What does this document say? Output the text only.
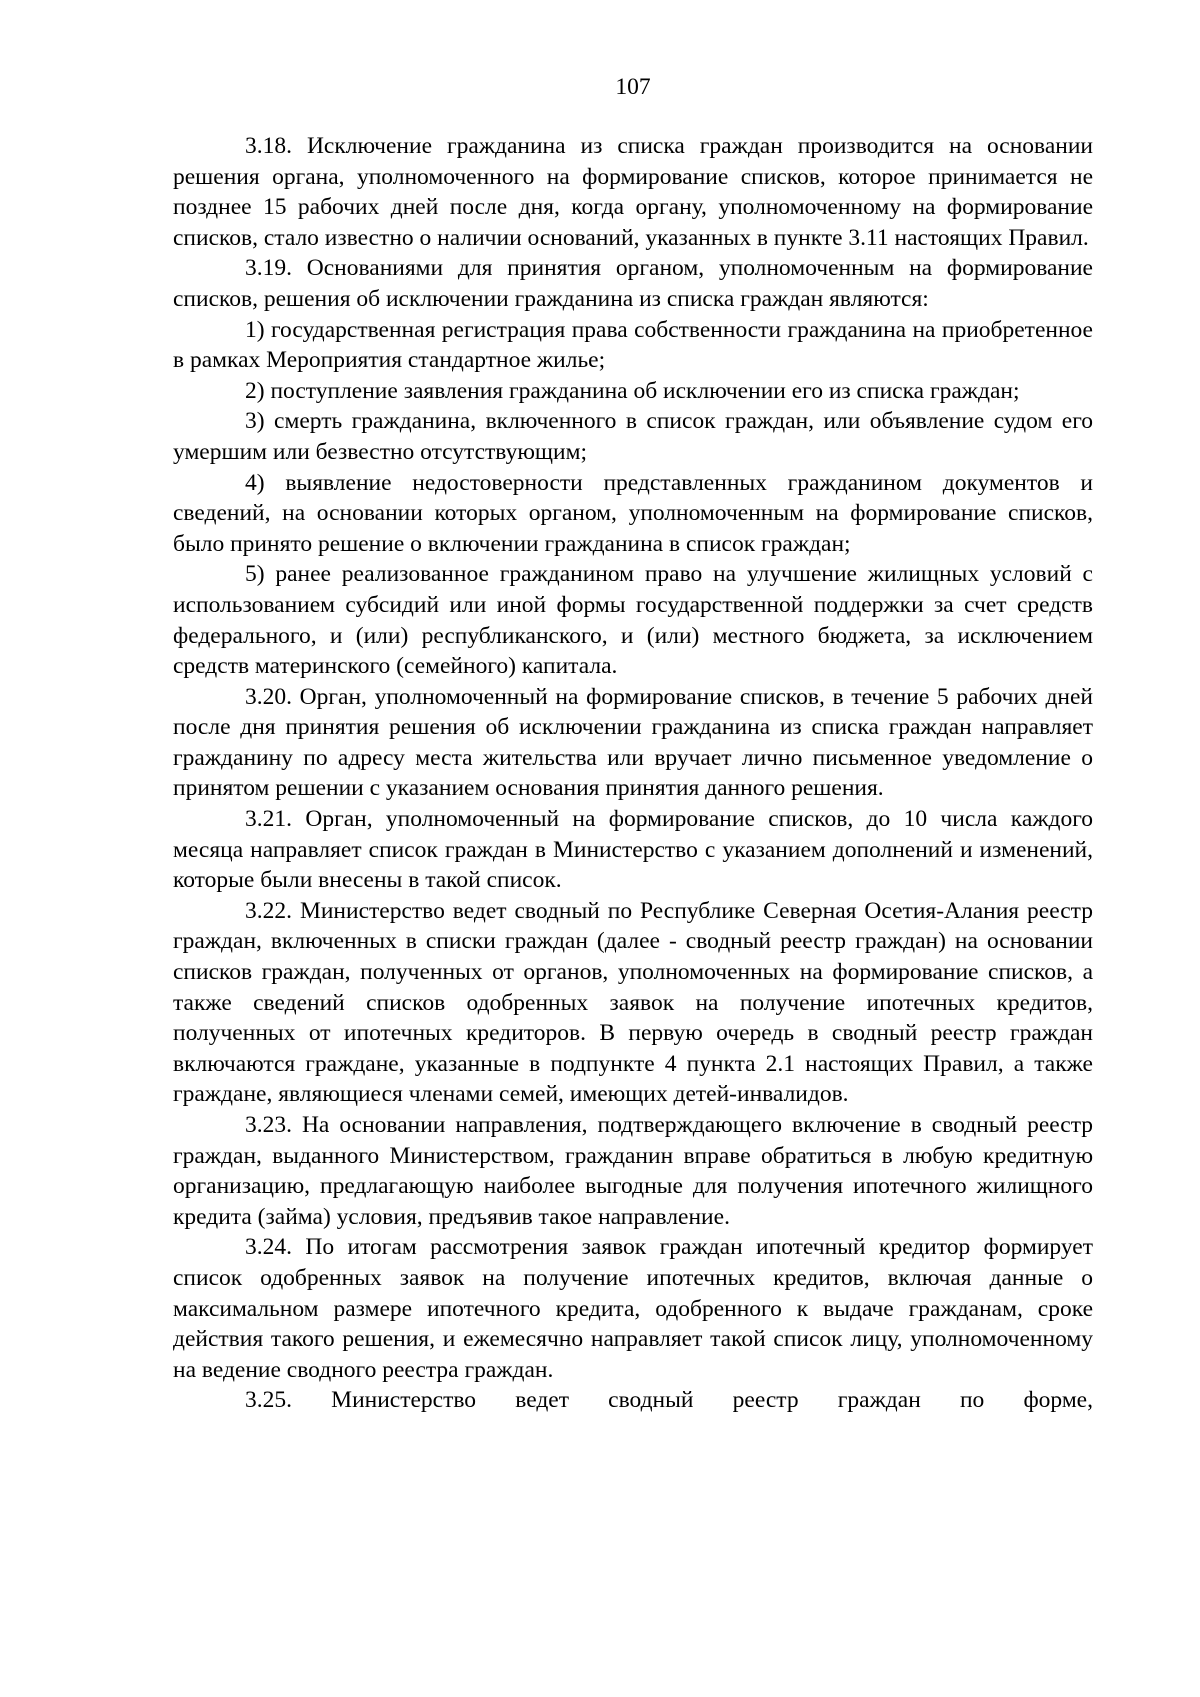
107

3.18. Исключение гражданина из списка граждан производится на основании решения органа, уполномоченного на формирование списков, которое принимается не позднее 15 рабочих дней после дня, когда органу, уполномоченному на формирование списков, стало известно о наличии оснований, указанных в пункте 3.11 настоящих Правил.

3.19. Основаниями для принятия органом, уполномоченным на формирование списков, решения об исключении гражданина из списка граждан являются:

1) государственная регистрация права собственности гражданина на приобретенное в рамках Мероприятия стандартное жилье;

2) поступление заявления гражданина об исключении его из списка граждан;

3) смерть гражданина, включенного в список граждан, или объявление судом его умершим или безвестно отсутствующим;

4) выявление недостоверности представленных гражданином документов и сведений, на основании которых органом, уполномоченным на формирование списков, было принято решение о включении гражданина в список граждан;

5) ранее реализованное гражданином право на улучшение жилищных условий с использованием субсидий или иной формы государственной поддержки за счет средств федерального, и (или) республиканского, и (или) местного бюджета, за исключением средств материнского (семейного) капитала.

3.20. Орган, уполномоченный на формирование списков, в течение 5 рабочих дней после дня принятия решения об исключении гражданина из списка граждан направляет гражданину по адресу места жительства или вручает лично письменное уведомление о принятом решении с указанием основания принятия данного решения.

3.21. Орган, уполномоченный на формирование списков, до 10 числа каждого месяца направляет список граждан в Министерство с указанием дополнений и изменений, которые были внесены в такой список.

3.22. Министерство ведет сводный по Республике Северная Осетия-Алания реестр граждан, включенных в списки граждан (далее - сводный реестр граждан) на основании списков граждан, полученных от органов, уполномоченных на формирование списков, а также сведений списков одобренных заявок на получение ипотечных кредитов, полученных от ипотечных кредиторов. В первую очередь в сводный реестр граждан включаются граждане, указанные в подпункте 4 пункта 2.1 настоящих Правил, а также граждане, являющиеся членами семей, имеющих детей-инвалидов.

3.23. На основании направления, подтверждающего включение в сводный реестр граждан, выданного Министерством, гражданин вправе обратиться в любую кредитную организацию, предлагающую наиболее выгодные для получения ипотечного жилищного кредита (займа) условия, предъявив такое направление.

3.24. По итогам рассмотрения заявок граждан ипотечный кредитор формирует список одобренных заявок на получение ипотечных кредитов, включая данные о максимальном размере ипотечного кредита, одобренного к выдаче гражданам, сроке действия такого решения, и ежемесячно направляет такой список лицу, уполномоченному на ведение сводного реестра граждан.

3.25. Министерство ведет сводный реестр граждан по форме,
